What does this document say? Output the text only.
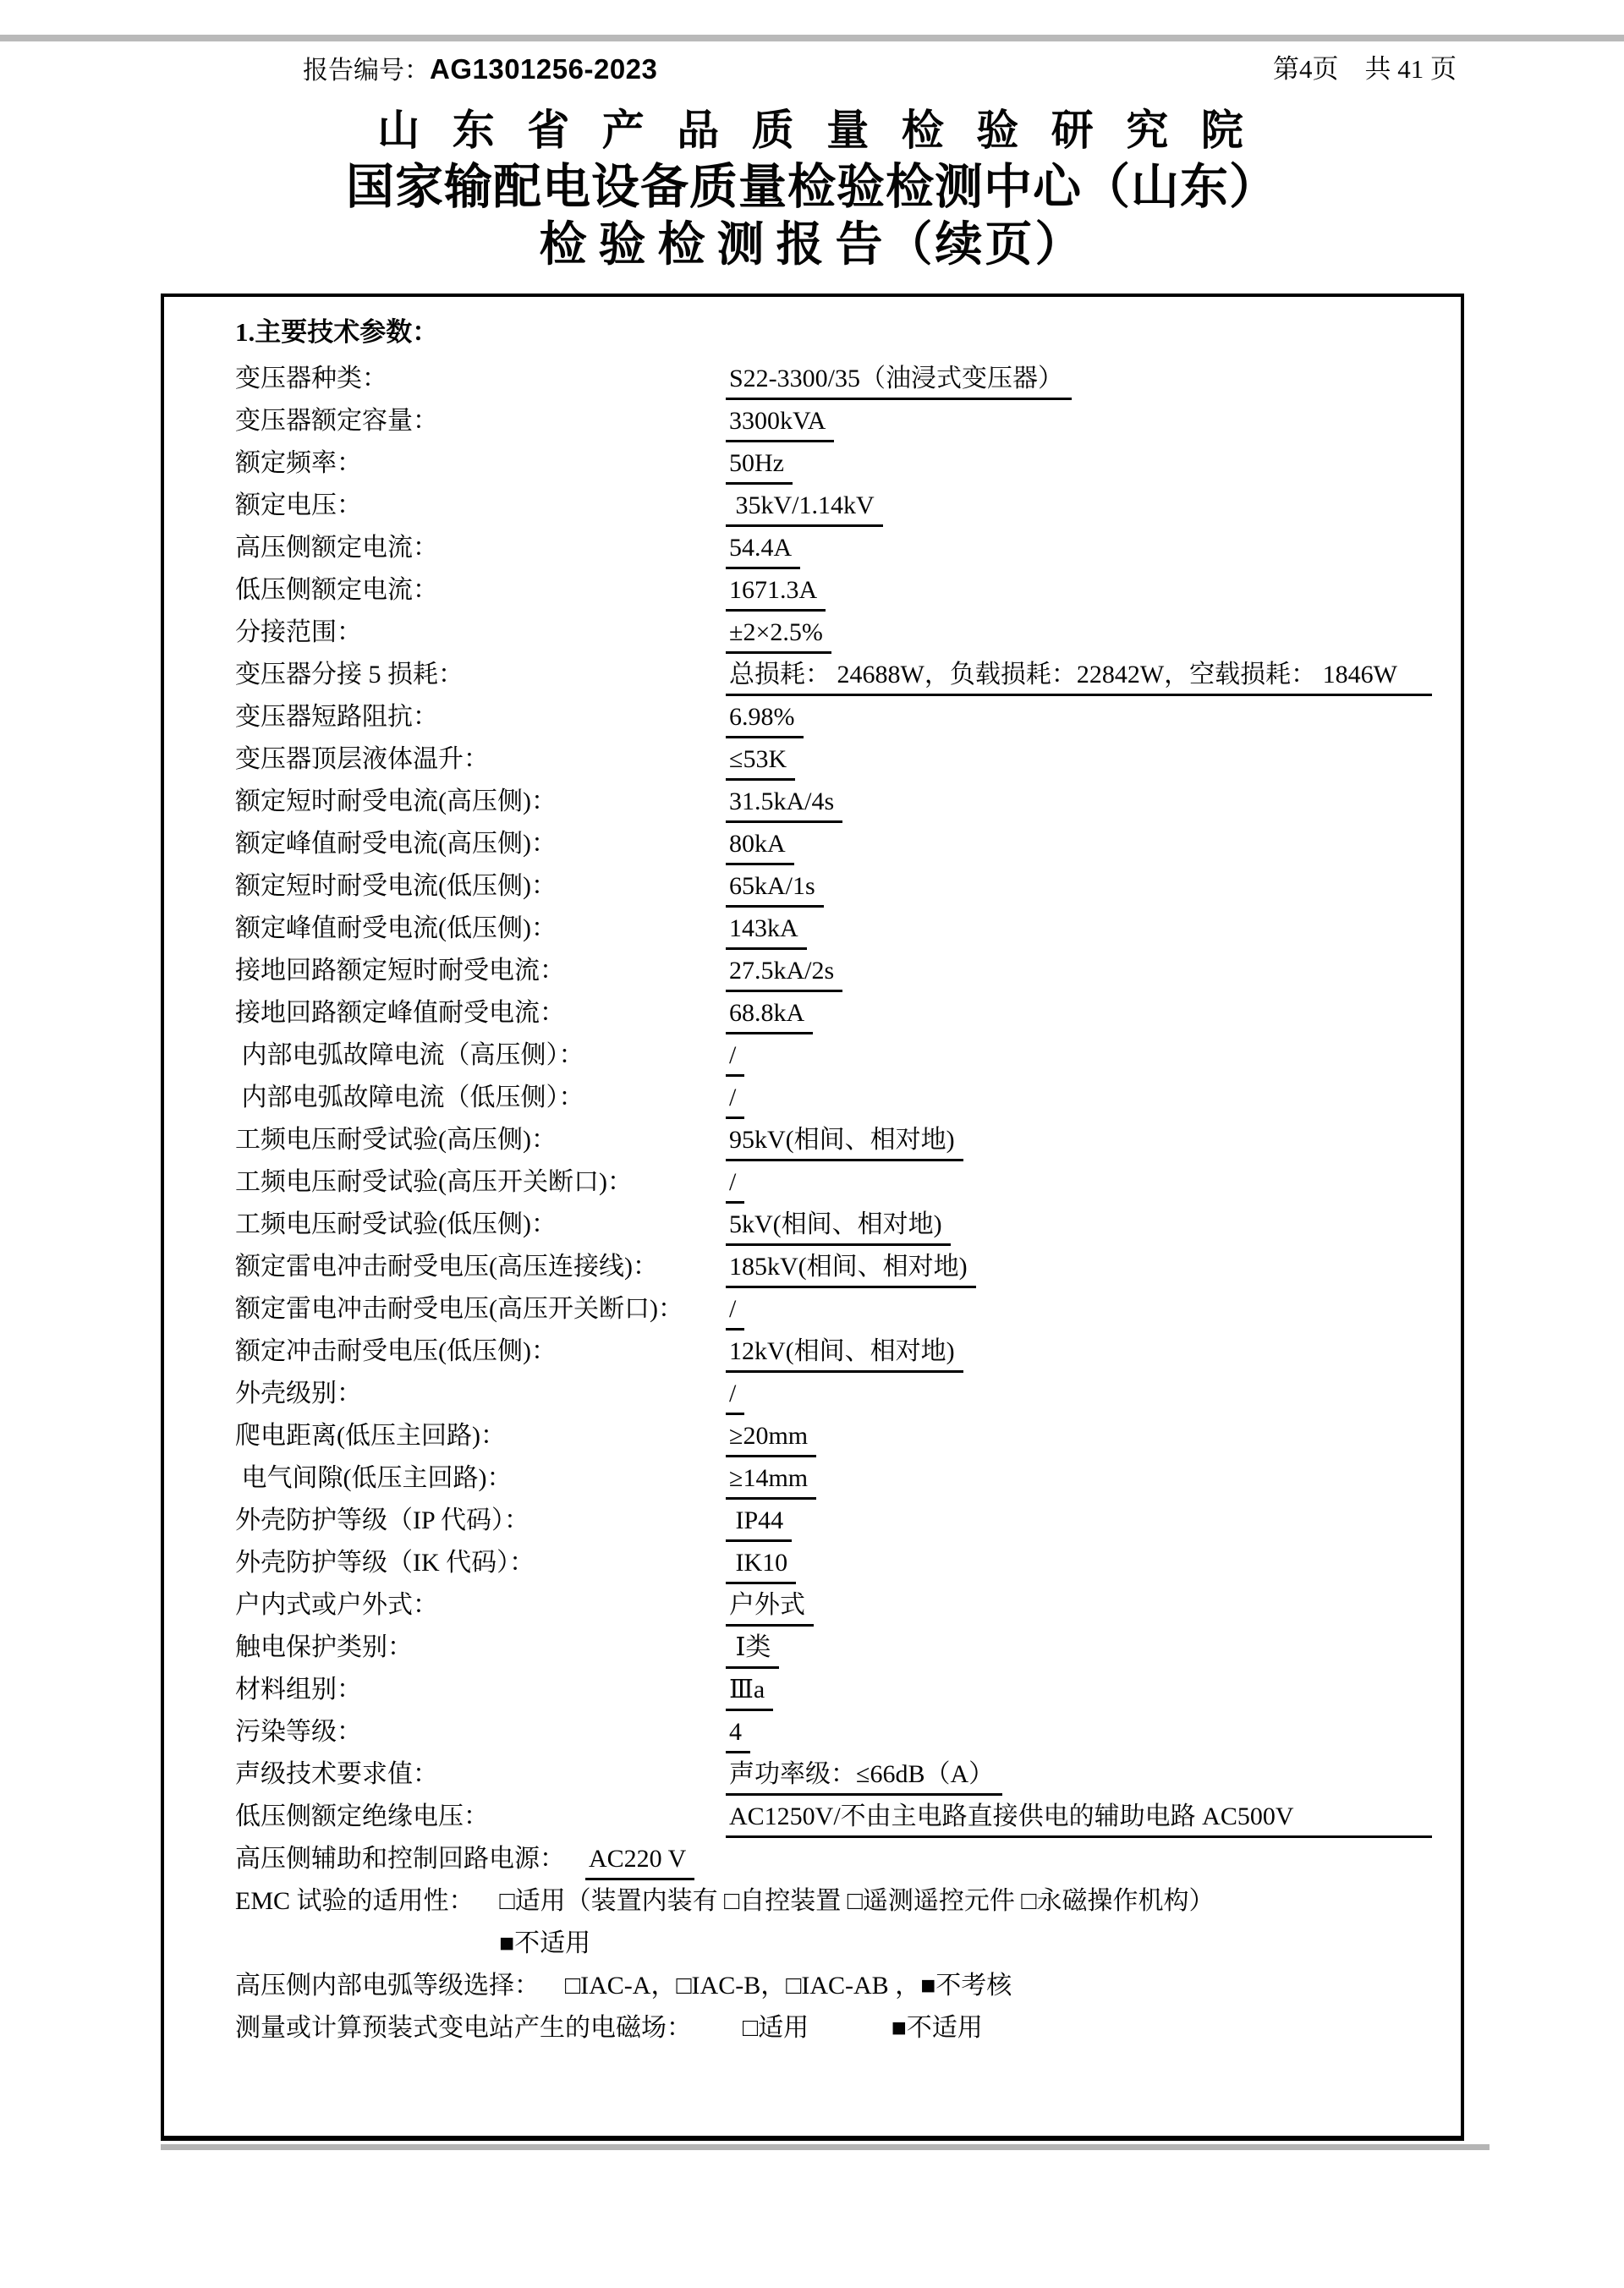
报告编号：AG1301256-2023

	第4页　共 41 页

山 东 省 产 品 质 量 检 验 研 究 院
国家输配电设备质量检验检测中心（山东）
检 验 检 测 报 告（续页）
1.主要技术参数：
变压器种类：	S22-3300/35（油浸式变压器）
变压器额定容量：	3300kVA
额定频率：	50Hz
额定电压：	35kV/1.14kV
高压侧额定电流：	54.4A
低压侧额定电流：	1671.3A
分接范围：	±2×2.5%
变压器分接 5 损耗：	总损耗： 24688W，负载损耗：22842W，空载损耗： 1846W
变压器短路阻抗：	6.98%
变压器顶层液体温升：	≤53K
额定短时耐受电流(高压侧)：	31.5kA/4s
额定峰值耐受电流(高压侧)：	80kA
额定短时耐受电流(低压侧)：	65kA/1s
额定峰值耐受电流(低压侧)：	143kA
接地回路额定短时耐受电流：	27.5kA/2s
接地回路额定峰值耐受电流：	68.8kA
内部电弧故障电流（高压侧）：	/
内部电弧故障电流（低压侧）：	/
工频电压耐受试验(高压侧)：	95kV(相间、相对地)
工频电压耐受试验(高压开关断口)：	/
工频电压耐受试验(低压侧)：	5kV(相间、相对地)
额定雷电冲击耐受电压(高压连接线)：	185kV(相间、相对地)
额定雷电冲击耐受电压(高压开关断口)：	/
额定冲击耐受电压(低压侧)：	12kV(相间、相对地)
外壳级别：	/
爬电距离(低压主回路)：	≥20mm
电气间隙(低压主回路)：	≥14mm
外壳防护等级（IP 代码）：	IP44
外壳防护等级（IK 代码）：	IK10
户内式或户外式：	户外式
触电保护类别：	Ⅰ类
材料组别：	Ⅲa
污染等级：	4
声级技术要求值：	声功率级：≤66dB（A）
低压侧额定绝缘电压：	AC1250V/不由主电路直接供电的辅助电路 AC500V
高压侧辅助和控制回路电源： AC220 V
EMC 试验的适用性： 　□适用（装置内装有 □自控装置 □遥测遥控元件 □永磁操作机构）
■不适用
高压侧内部电弧等级选择： 　□IAC-A，□IAC-B，□IAC-AB ，■不考核
测量或计算预装式变电站产生的电磁场： 　　□适用　　　 ■不适用
